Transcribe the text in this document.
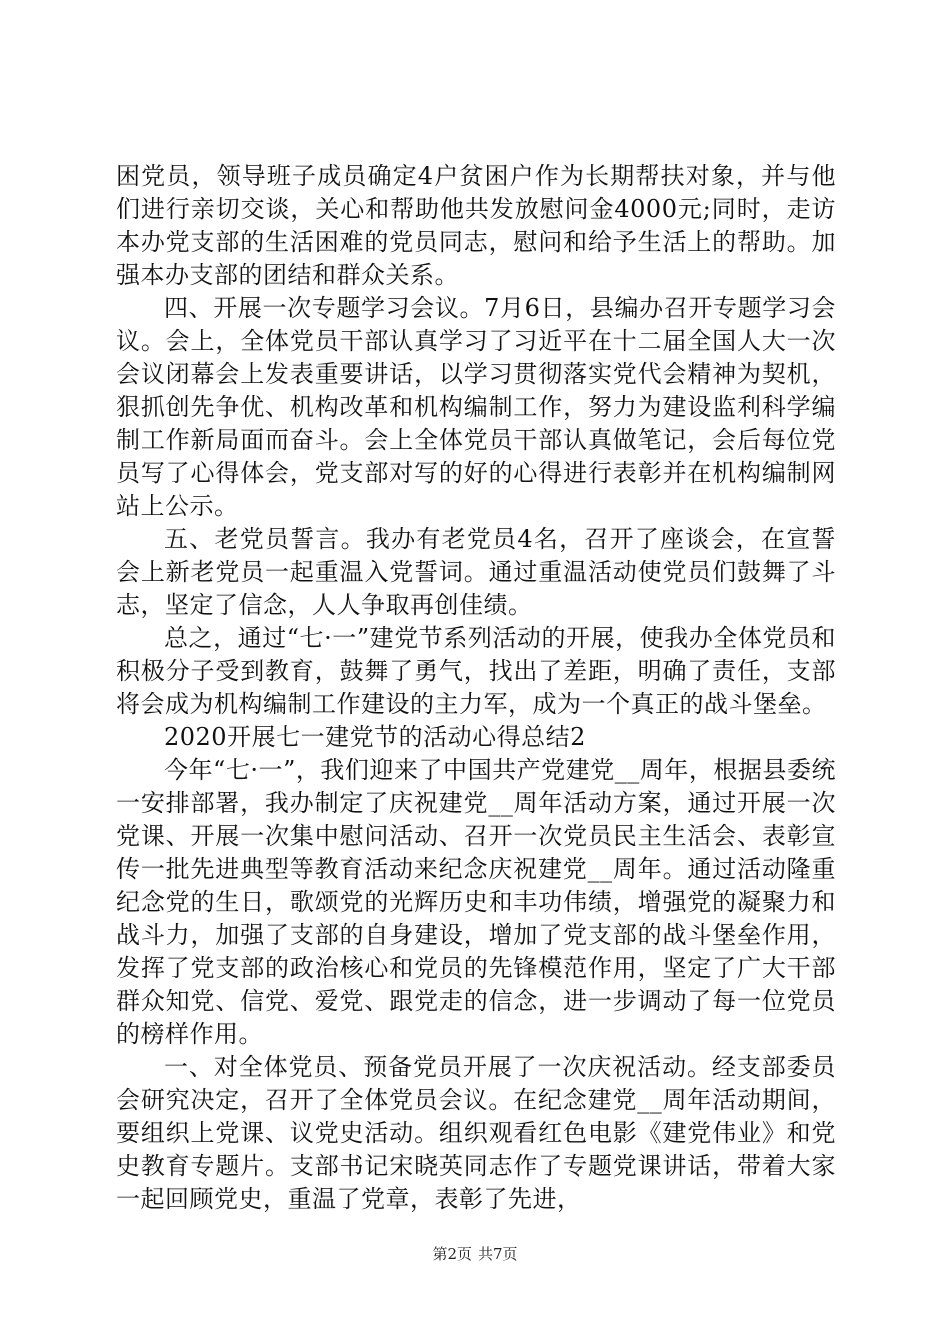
困党员，领导班子成员确定4户贫困户作为长期帮扶对象，并与他们进行亲切交谈，关心和帮助他共发放慰问金4000元;同时，走访本办党支部的生活困难的党员同志，慰问和给予生活上的帮助。加强本办支部的团结和群众关系。

四、开展一次专题学习会议。7月6日，县编办召开专题学习会议。会上，全体党员干部认真学习了习近平在十二届全国人大一次会议闭幕会上发表重要讲话，以学习贯彻落实党代会精神为契机，狠抓创先争优、机构改革和机构编制工作，努力为建设监利科学编制工作新局面而奋斗。会上全体党员干部认真做笔记，会后每位党员写了心得体会，党支部对写的好的心得进行表彰并在机构编制网站上公示。

五、老党员誓言。我办有老党员4名，召开了座谈会，在宣誓会上新老党员一起重温入党誓词。通过重温活动使党员们鼓舞了斗志，坚定了信念，人人争取再创佳绩。

总之，通过“七·一”建党节系列活动的开展，使我办全体党员和积极分子受到教育，鼓舞了勇气，找出了差距，明确了责任，支部将会成为机构编制工作建设的主力军，成为一个真正的战斗堡垒。

2020开展七一建党节的活动心得总结2

今年“七·一”，我们迎来了中国共产党建党__周年，根据县委统一安排部署，我办制定了庆祝建党__周年活动方案，通过开展一次党课、开展一次集中慰问活动、召开一次党员民主生活会、表彰宣传一批先进典型等教育活动来纪念庆祝建党__周年。通过活动隆重纪念党的生日，歌颂党的光辉历史和丰功伟绩，增强党的凝聚力和战斗力，加强了支部的自身建设，增加了党支部的战斗堡垒作用，发挥了党支部的政治核心和党员的先锋模范作用，坚定了广大干部群众知党、信党、爱党、跟党走的信念，进一步调动了每一位党员的榜样作用。

一、对全体党员、预备党员开展了一次庆祝活动。经支部委员会研究决定，召开了全体党员会议。在纪念建党__周年活动期间，要组织上党课、议党史活动。组织观看红色电影《建党伟业》和党史教育专题片。支部书记宋晓英同志作了专题党课讲话，带着大家一起回顾党史，重温了党章，表彰了先进，

第2页 共7页
